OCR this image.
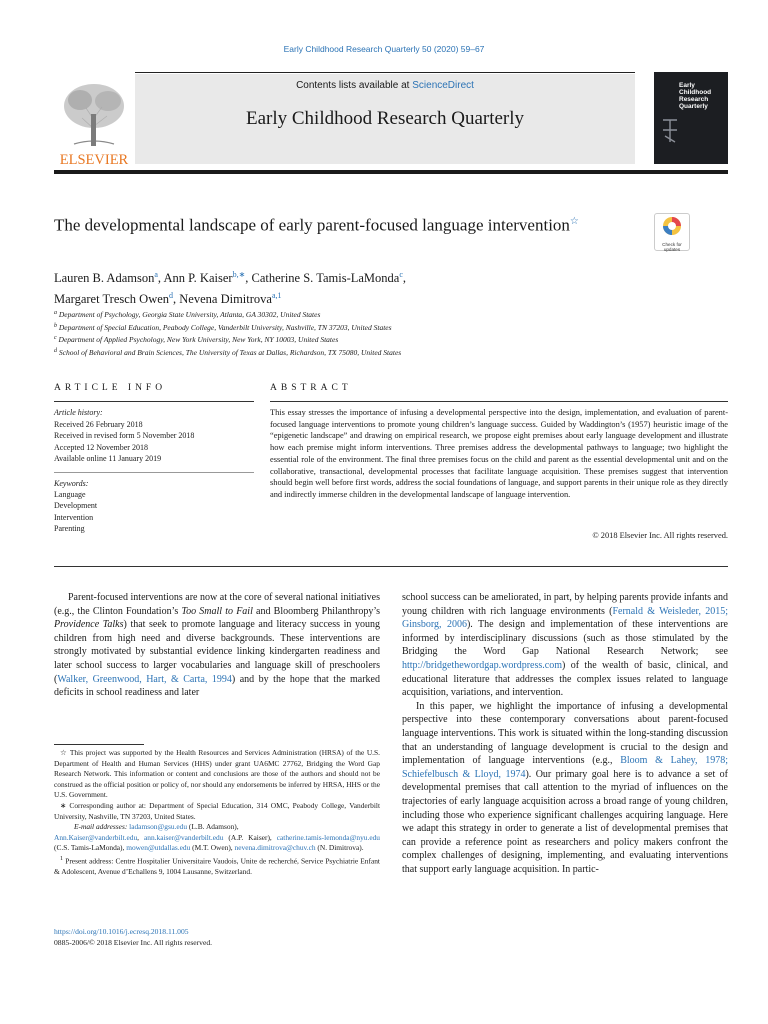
Early Childhood Research Quarterly 50 (2020) 59–67
ELSEVIER
Contents lists available at ScienceDirect
Early Childhood Research Quarterly
Early
Childhood
Research
Quarterly
The developmental landscape of early parent-focused language intervention☆
Check for
updates
Lauren B. Adamson$^a$, Ann P. Kaiser$^{b,∗}$, Catherine S. Tamis-LaMonda$^c$,
Margaret Tresch Owen$^d$, Nevena Dimitrova$^{a,1}$
$^a$ Department of Psychology, Georgia State University, Atlanta, GA 30302, United States
$^b$ Department of Special Education, Peabody College, Vanderbilt University, Nashville, TN 37203, United States
$^c$ Department of Applied Psychology, New York University, New York, NY 10003, United States
$^d$ School of Behavioral and Brain Sciences, The University of Texas at Dallas, Richardson, TX 75080, United States
ARTICLE INFO	ABSTRACT
Article history:
Received 26 February 2018
Received in revised form 5 November 2018
Accepted 12 November 2018
Available online 11 January 2019
Keywords:
Language
Development
Intervention
Parenting
This essay stresses the importance of infusing a developmental perspective into the design, implementation, and evaluation of parent-focused language interventions to promote young children’s language success. Guided by Waddington’s (1957) heuristic image of the “epigenetic landscape” and drawing on empirical research, we propose eight premises about early language development and illustrate how each premise might inform interventions. Three premises address the developmental pathways to language; two highlight the essential role of the environment. The final three premises focus on the child and parent as the essential developmental unit and on the collaborative, transactional, developmental processes that facilitate language acquisition. These premises suggest that intervention should begin well before first words, address the social foundations of language, and support parents in their unique role as they directly and indirectly immerse children in the developmental landscape of language intervention.
© 2018 Elsevier Inc. All rights reserved.

Parent-focused interventions are now at the core of several national initiatives (e.g., the Clinton Foundation’s Too Small to Fail and Bloomberg Philanthropy’s Providence Talks) that seek to promote language and literacy success in young children from high need and diverse backgrounds. These interventions are strongly motivated by substantial evidence linking kindergarten readiness and later school success to larger vocabularies and language skill of preschoolers (Walker, Greenwood, Hart, & Carta, 1994) and by the hope that the marked deficits in school readiness and later

school success can be ameliorated, in part, by helping parents provide infants and young children with rich language environments (Fernald & Weisleder, 2015; Ginsborg, 2006). The design and implementation of these interventions are informed by interdisciplinary discussions (such as those stimulated by the Bridging the Word Gap National Research Network; see http://bridgethewordgap.wordpress.com) of the wealth of basic, clinical, and educational literature that addresses the complex issues related to language acquisition, variations, and intervention.

In this paper, we highlight the importance of infusing a developmental perspective into these contemporary conversations about parent-focused language interventions. This work is situated within the long-standing discussion that an understanding of language development is crucial to the design and implementation of language interventions (e.g., Bloom & Lahey, 1978; Schiefelbusch & Lloyd, 1974). Our primary goal here is to advance a set of developmental premises that call attention to the myriad of influences on the trajectories of early language acquisition across a broad range of young children, including those who experience significant challenges acquiring language. Here we adapt this strategy in order to generate a list of developmental premises that can provide a reference point as researchers and policy makers confront the complex challenges of designing, implementing, and evaluating interventions that support early language acquisition. In partic-

☆ This project was supported by the Health Resources and Services Administration (HRSA) of the U.S. Department of Health and Human Services (HHS) under grant UA6MC 27762, Bridging the Word Gap Research Network. This information or content and conclusions are those of the authors and should not be construed as the official position or policy of, nor should any endorsements be inferred by HRSA, HHS or the U.S. Government.

∗ Corresponding author at: Department of Special Education, 314 OMC, Peabody College, Vanderbilt University, Nashville, TN 37203, United States.

E-mail addresses: ladamson@gsu.edu (L.B. Adamson),

Ann.Kaiser@vanderbilt.edu, ann.kaiser@vanderbilt.edu (A.P. Kaiser), catherine.tamis-lemonda@nyu.edu (C.S. Tamis-LaMonda), mowen@utdallas.edu (M.T. Owen), nevena.dimitrova@chuv.ch (N. Dimitrova).

$^1$ Present address: Centre Hospitalier Universitaire Vaudois, Unite de recherché, Service Psychiatrie Enfant & Adolescent, Avenue d’Echallens 9, 1004 Lausanne, Switzerland.

https://doi.org/10.1016/j.ecresq.2018.11.005
0885-2006/© 2018 Elsevier Inc. All rights reserved.
